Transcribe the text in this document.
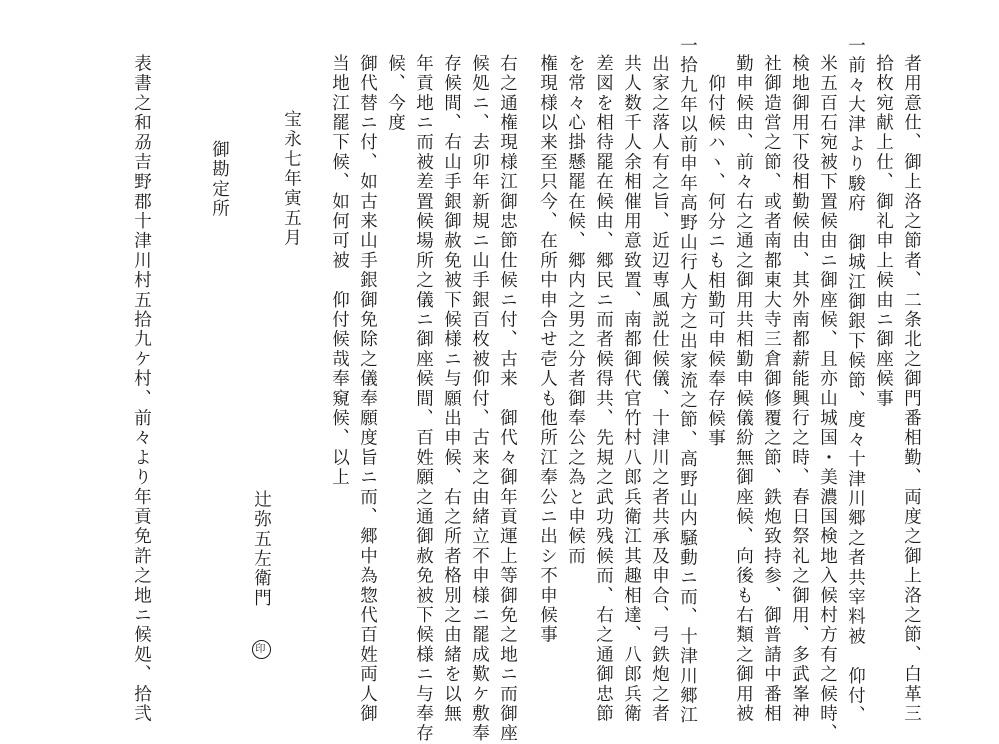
者用意仕、御上洛之節者、二条北之御門番相勤、両度之御上洛之節、白革三
拾枚宛献上仕、御礼申上候由ニ御座候事
一前々大津より駿府　御城江御銀下候節、度々十津川郷之者共宰料被　仰付、
米五百石宛被下置候由ニ御座候、且亦山城国・美濃国検地入候村方有之候時、
検地御用下役相勤候由、其外南都薪能興行之時、春日祭礼之御用、多武峯神
社御造営之節、或者南都東大寺三倉御修覆之節、鉄炮致持参、御普請中番相
勤申候由、前々右之通之御用共相勤申候儀紛無御座候、向後も右類之御用被
仰付候ハヽ、何分ニも相勤可申候奉存候事
一拾九年以前申年高野山行人方之出家流之節、高野山内騒動ニ而、十津川郷江
出家之落人有之旨、近辺専風説仕候儀、十津川之者共承及申合、弓鉄炮之者
共人数千人余相催用意致置、南都御代官竹村八郎兵衛江其趣相達、八郎兵衛
差図を相待罷在候由、郷民ニ而者候得共、先規之武功残候而、右之通御忠節
を常々心掛懸罷在候、郷内之男之分者御奉公之為と申候而
権現様以来至只今、在所中申合せ壱人も他所江奉公ニ出シ不申候事
右之通権現様江御忠節仕候ニ付、古来　御代々御年貢運上等御免之地ニ而御座
候処ニ、去卯年新規ニ山手銀百枚被仰付、古来之由緒立不申様ニ罷成歎ケ敷奉
存候間、右山手銀御赦免被下候様ニ与願出申候、右之所者格別之由緒を以無
年貢地ニ而被差置候場所之儀ニ御座候間、百姓願之通御赦免被下候様ニ与奉存
候、今度
御代替ニ付、如古来山手銀御免除之儀奉願度旨ニ而、郷中為惣代百姓両人御
当地江罷下候、如何可被　仰付候哉奉窺候、以上
宝永七年寅五月
辻弥五左衛門 印
御勘定所
表書之和刕吉野郡十津川村五拾九ケ村、前々より年貢免許之地ニ候処、拾弐
